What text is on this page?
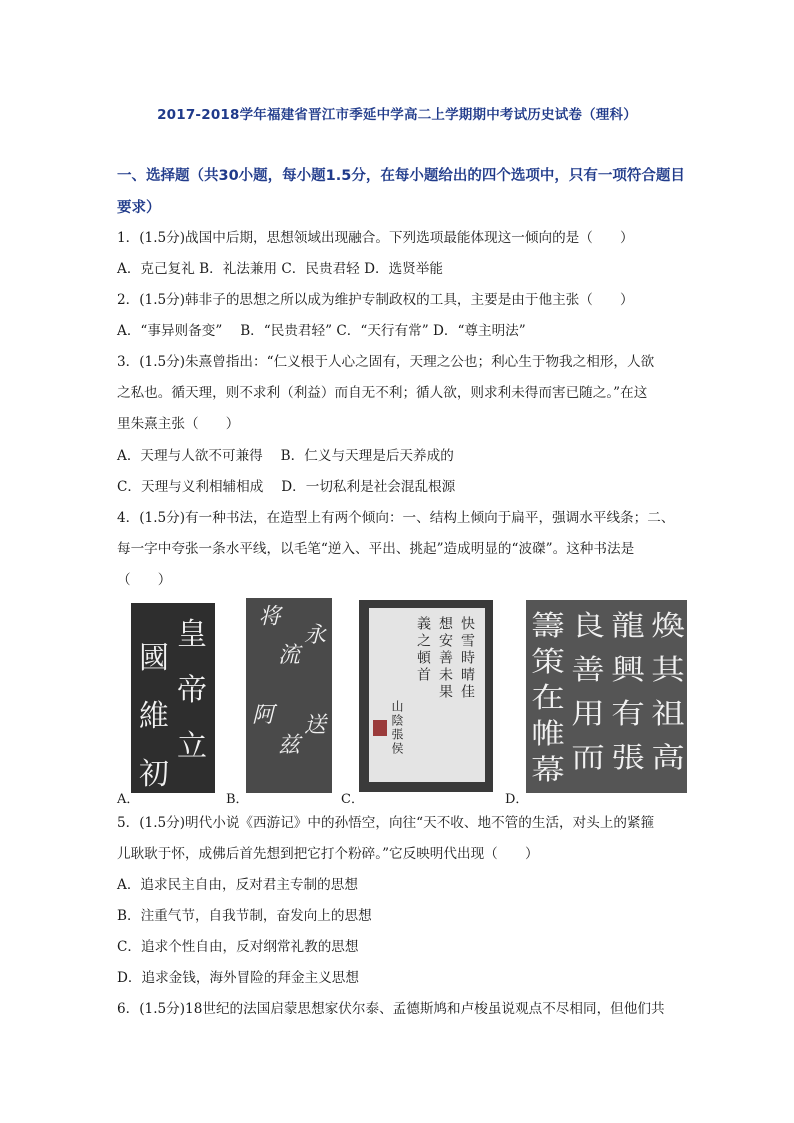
2017-2018学年福建省晋江市季延中学高二上学期期中考试历史试卷（理科）
一、选择题（共30小题，每小题1.5分，在每小题给出的四个选项中，只有一项符合题目要求）
1．(1.5分)战国中后期，思想领域出现融合。下列选项最能体现这一倾向的是（　　）
A．克己复礼 B．礼法兼用 C．民贵君轻 D．选贤举能
2．(1.5分)韩非子的思想之所以成为维护专制政权的工具，主要是由于他主张（　　）
A．“事异则备变”　 B．“民贵君轻” C．“天行有常” D．“尊主明法”
3．(1.5分)朱熹曾指出：“仁义根于人心之固有，天理之公也；利心生于物我之相形，人欲
之私也。循天理，则不求利（利益）而自无不利；循人欲，则求利未得而害已随之。”在这
里朱熹主张（　　）
A．天理与人欲不可兼得　 B．仁义与天理是后天养成的
C．天理与义利相辅相成　 D．一切私利是社会混乱根源
4．(1.5分)有一种书法，在造型上有两个倾向：一、结构上倾向于扁平，强调水平线条；二、
每一字中夸张一条水平线，以毛笔“逆入、平出、挑起”造成明显的“波磔”。这种书法是
（　　）
皇
帝
立
國
維
初
A．
将
阿
流
兹
永
送
B．
快雪時晴佳
想安善未果
義之頓首
山陰張侯
C．
煥
其
祖
高
龍
興
有
張
良
善
用
而
籌
策
在
帷
幕
D．
5．(1.5分)明代小说《西游记》中的孙悟空，向往“天不收、地不管的生活，对头上的紧箍
儿耿耿于怀，成佛后首先想到把它打个粉碎。”它反映明代出现（　　）
A．追求民主自由，反对君主专制的思想
B．注重气节，自我节制，奋发向上的思想
C．追求个性自由，反对纲常礼教的思想
D．追求金钱，海外冒险的拜金主义思想
6．(1.5分)18世纪的法国启蒙思想家伏尔泰、孟德斯鸠和卢梭虽说观点不尽相同，但他们共
